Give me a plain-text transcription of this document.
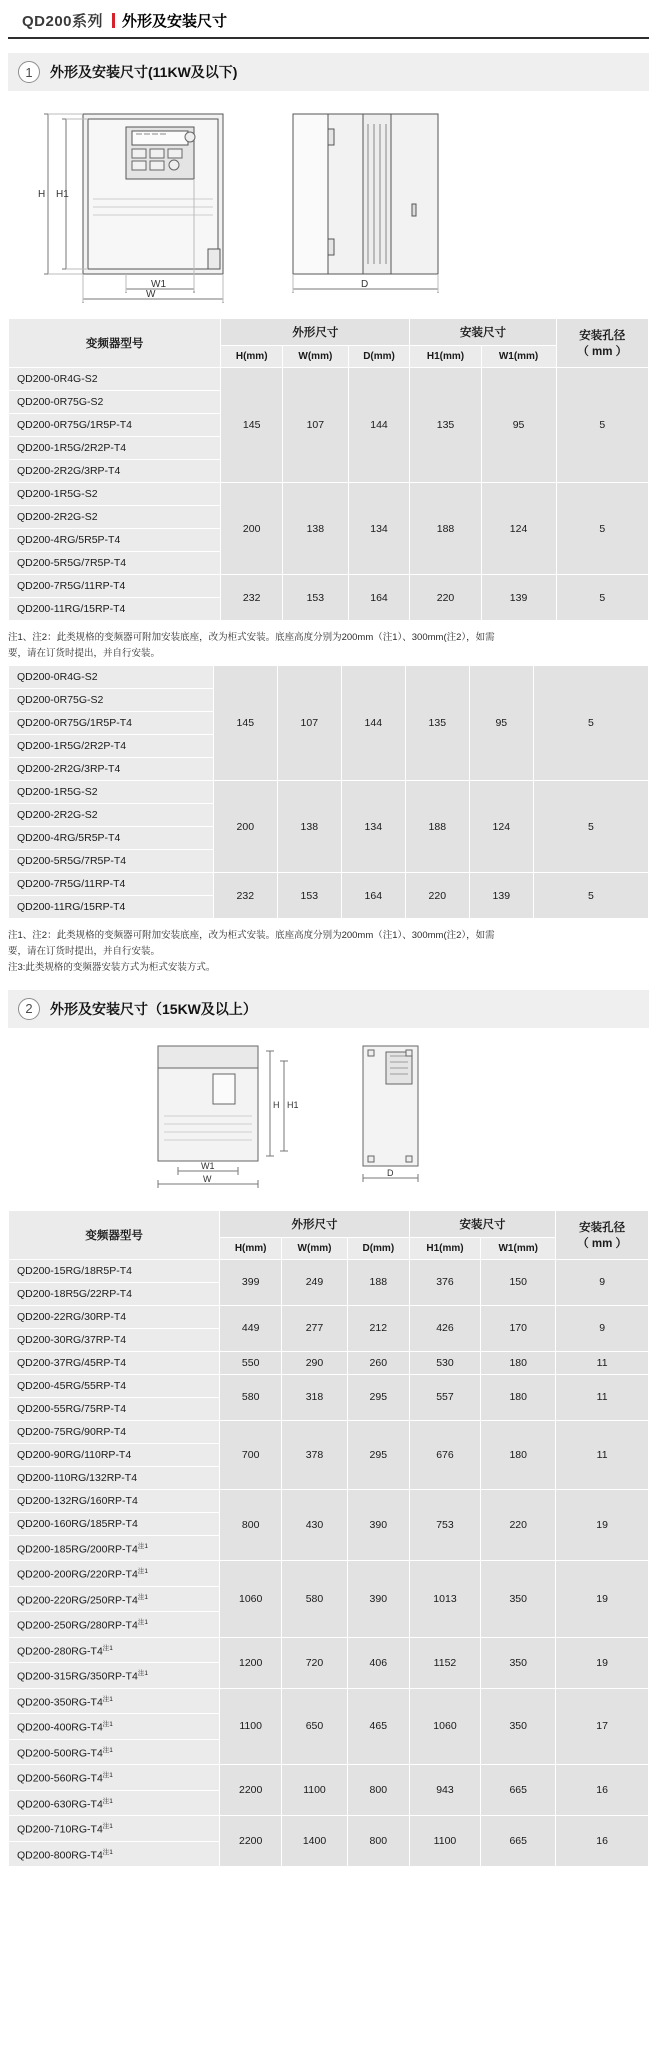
QD200系列 外形及安装尺寸
1	外形及安装尺寸(11KW及以下)
H H1
W1
W
D
变频器型号	外形尺寸			安装尺寸		安装孔径
（ mm ）
	H(mm)	W(mm)	D(mm)	H1(mm)	W1(mm)	
QD200-0R4G-S2	145	107	144	135	95	5
QD200-0R75G-S2						
QD200-0R75G/1R5P-T4						
QD200-1R5G/2R2P-T4						
QD200-2R2G/3RP-T4						
QD200-1R5G-S2	200	138	134	188	124	5
QD200-2R2G-S2						
QD200-4RG/5R5P-T4						
QD200-5R5G/7R5P-T4						
QD200-7R5G/11RP-T4	232	153	164	220	139	5
QD200-11RG/15RP-T4						

注1、注2：此类规格的变频器可附加安装底座，改为柜式安装。底座高度分别为200mm（注1）、300mm(注2），如需

要，请在订货时提出，并自行安装。

QD200-0R4G-S2	145	107	144	135	95	5
QD200-0R75G-S2						
QD200-0R75G/1R5P-T4						
QD200-1R5G/2R2P-T4						
QD200-2R2G/3RP-T4						
QD200-1R5G-S2	200	138	134	188	124	5
QD200-2R2G-S2						
QD200-4RG/5R5P-T4						
QD200-5R5G/7R5P-T4						
QD200-7R5G/11RP-T4	232	153	164	220	139	5
QD200-11RG/15RP-T4						

注1、注2：此类规格的变频器可附加安装底座，改为柜式安装。底座高度分别为200mm（注1）、300mm(注2），如需

要，请在订货时提出，并自行安装。

注3:此类规格的变频器安装方式为柜式安装方式。

2	外形及安装尺寸（15KW及以上）
H H1
W1
W
D
变频器型号	外形尺寸			安装尺寸		安装孔径
（ mm ）
	H(mm)	W(mm)	D(mm)	H1(mm)	W1(mm)	
QD200-15RG/18R5P-T4	399	249	188	376	150	9
QD200-18R5G/22RP-T4						
QD200-22RG/30RP-T4	449	277	212	426	170	9
QD200-30RG/37RP-T4						
QD200-37RG/45RP-T4	550	290	260	530	180	11
QD200-45RG/55RP-T4	580	318	295	557	180	11
QD200-55RG/75RP-T4						
QD200-75RG/90RP-T4	700	378	295	676	180	11
QD200-90RG/110RP-T4						
QD200-110RG/132RP-T4						
QD200-132RG/160RP-T4	800	430	390	753	220	19
QD200-160RG/185RP-T4						
QD200-185RG/200RP-T4$^{注1}$
QD200-200RG/220RP-T4$^{注1}$	1060	580	390	1013	350	19
QD200-220RG/250RP-T4$^{注1}$
QD200-250RG/280RP-T4$^{注1}$
QD200-280RG-T4$^{注1}$	1200	720	406	1152	350	19
QD200-315RG/350RP-T4$^{注1}$
QD200-350RG-T4$^{注1}$	1100	650	465	1060	350	17
QD200-400RG-T4$^{注1}$
QD200-500RG-T4$^{注1}$
QD200-560RG-T4$^{注1}$	2200	1100	800	943	665	16
QD200-630RG-T4$^{注1}$
QD200-710RG-T4$^{注1}$	2200	1400	800	1100	665	16
QD200-800RG-T4$^{注1}$
